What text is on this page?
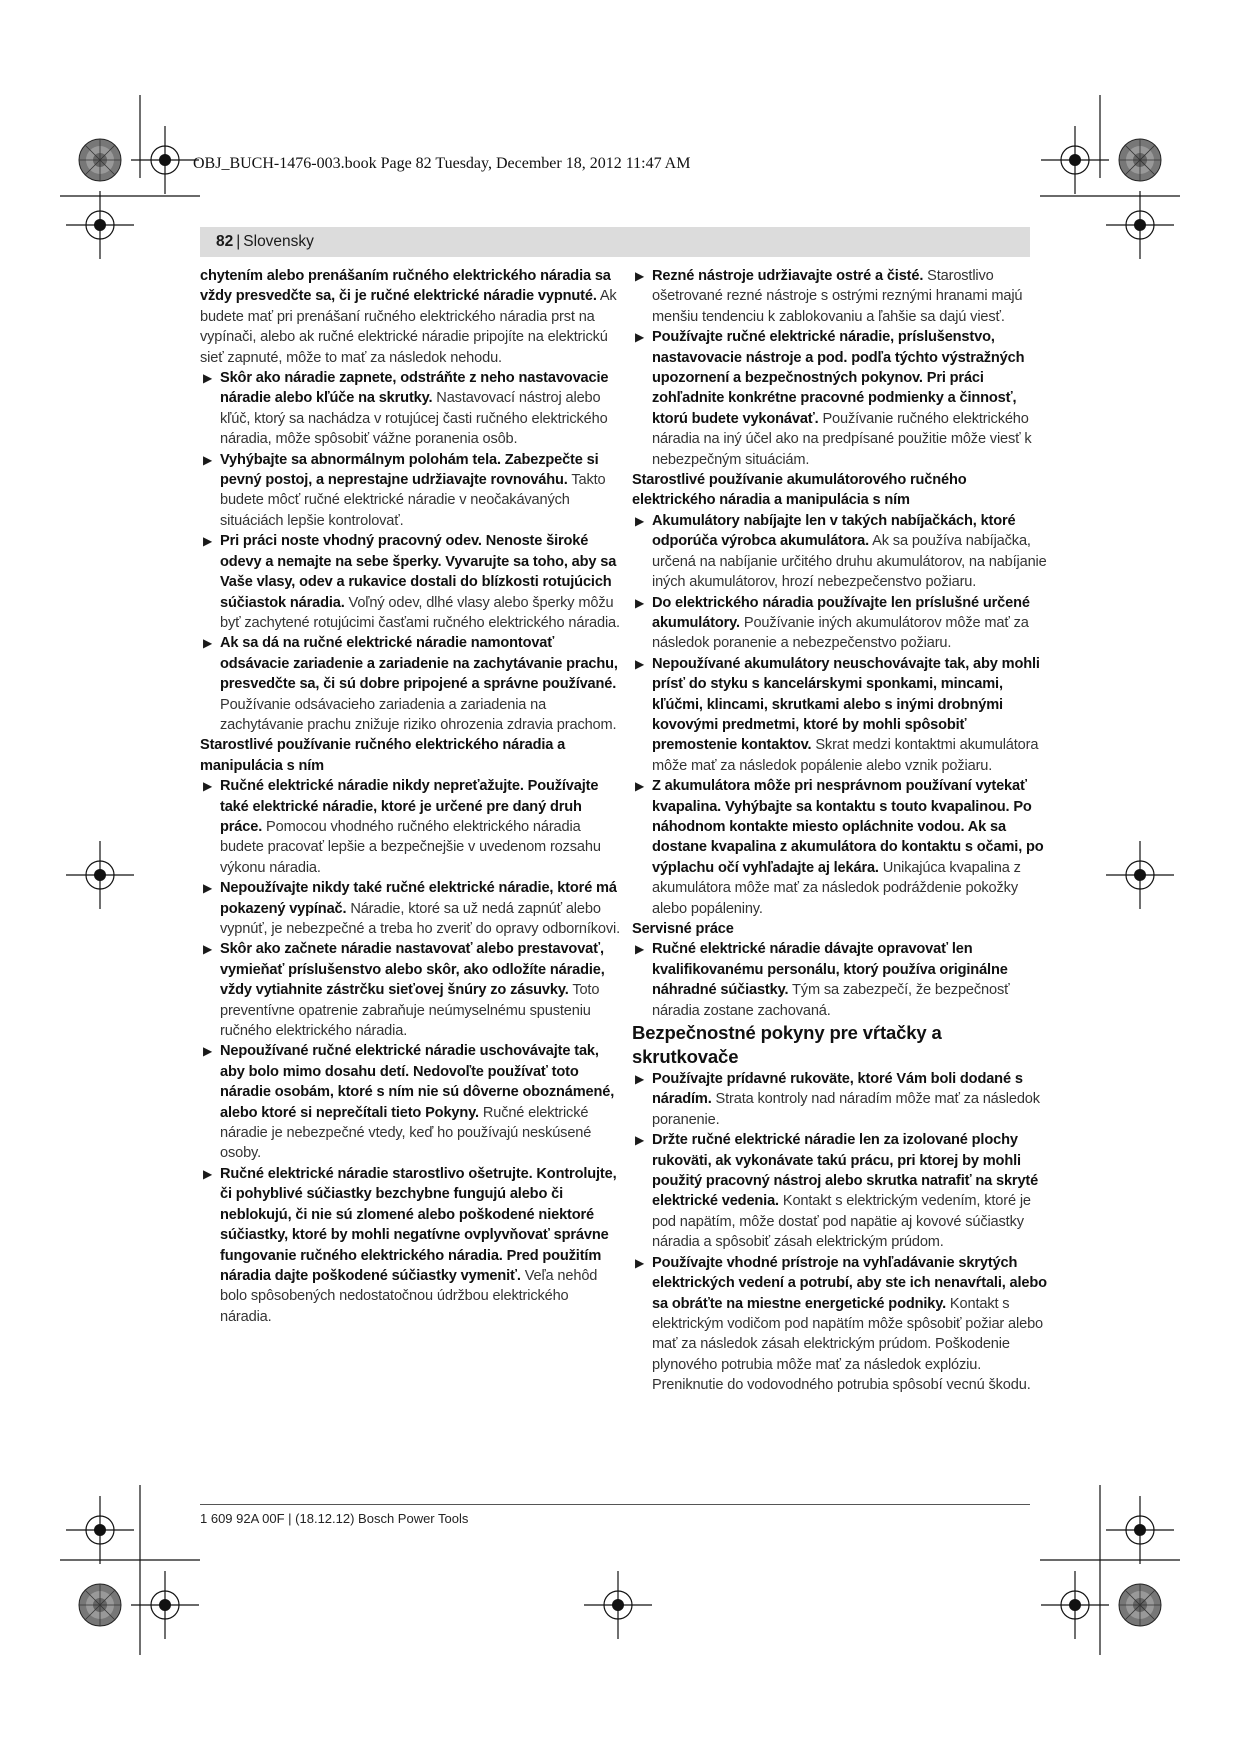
OBJ_BUCH-1476-003.book Page 82 Tuesday, December 18, 2012 11:47 AM
82 | Slovensky

chytením alebo prenášaním ručného elektrického náradia sa vždy presvedčte sa, či je ručné elektrické náradie vypnuté. Ak budete mať pri prenášaní ručného elektrického náradia prst na vypínači, alebo ak ručné elektrické náradie pripojíte na elektrickú sieť zapnuté, môže to mať za následok nehodu.

▶ Skôr ako náradie zapnete, odstráňte z neho nastavovacie náradie alebo kľúče na skrutky. Nastavovací nástroj alebo kľúč, ktorý sa nachádza v rotujúcej časti ručného elektrického náradia, môže spôsobiť vážne poranenia osôb.

▶ Vyhýbajte sa abnormálnym polohám tela. Zabezpečte si pevný postoj, a neprestajne udržiavajte rovnováhu. Takto budete môcť ručné elektrické náradie v neočakávaných situáciách lepšie kontrolovať.

▶ Pri práci noste vhodný pracovný odev. Nenoste široké odevy a nemajte na sebe šperky. Vyvarujte sa toho, aby sa Vaše vlasy, odev a rukavice dostali do blízkosti rotujúcich súčiastok náradia. Voľný odev, dlhé vlasy alebo šperky môžu byť zachytené rotujúcimi časťami ručného elektrického náradia.

▶ Ak sa dá na ručné elektrické náradie namontovať odsávacie zariadenie a zariadenie na zachytávanie prachu, presvedčte sa, či sú dobre pripojené a správne používané. Používanie odsávacieho zariadenia a zariadenia na zachytávanie prachu znižuje riziko ohrozenia zdravia prachom.

Starostlivé používanie ručného elektrického náradia a manipulácia s ním

▶ Ručné elektrické náradie nikdy nepreťažujte. Používajte také elektrické náradie, ktoré je určené pre daný druh práce. Pomocou vhodného ručného elektrického náradia budete pracovať lepšie a bezpečnejšie v uvedenom rozsahu výkonu náradia.

▶ Nepoužívajte nikdy také ručné elektrické náradie, ktoré má pokazený vypínač. Náradie, ktoré sa už nedá zapnúť alebo vypnúť, je nebezpečné a treba ho zveriť do opravy odborníkovi.

▶ Skôr ako začnete náradie nastavovať alebo prestavovať, vymieňať príslušenstvo alebo skôr, ako odložíte náradie, vždy vytiahnite zástrčku sieťovej šnúry zo zásuvky. Toto preventívne opatrenie zabraňuje neúmyselnému spusteniu ručného elektrického náradia.

▶ Nepoužívané ručné elektrické náradie uschovávajte tak, aby bolo mimo dosahu detí. Nedovoľte používať toto náradie osobám, ktoré s ním nie sú dôverne oboznámené, alebo ktoré si neprečítali tieto Pokyny. Ručné elektrické náradie je nebezpečné vtedy, keď ho používajú neskúsené osoby.

▶ Ručné elektrické náradie starostlivo ošetrujte. Kontrolujte, či pohyblivé súčiastky bezchybne fungujú alebo či neblokujú, či nie sú zlomené alebo poškodené niektoré súčiastky, ktoré by mohli negatívne ovplyvňovať správne fungovanie ručného elektrického náradia. Pred použitím náradia dajte poškodené súčiastky vymeniť. Veľa nehôd bolo spôsobených nedostatočnou údržbou elektrického náradia.

▶ Rezné nástroje udržiavajte ostré a čisté. Starostlivo ošetrované rezné nástroje s ostrými reznými hranami majú menšiu tendenciu k zablokovaniu a ľahšie sa dajú viesť.

▶ Používajte ručné elektrické náradie, príslušenstvo, nastavovacie nástroje a pod. podľa týchto výstražných upozornení a bezpečnostných pokynov. Pri práci zohľadnite konkrétne pracovné podmienky a činnosť, ktorú budete vykonávať. Používanie ručného elektrického náradia na iný účel ako na predpísané použitie môže viesť k nebezpečným situáciám.

Starostlivé používanie akumulátorového ručného elektrického náradia a manipulácia s ním

▶ Akumulátory nabíjajte len v takých nabíjačkách, ktoré odporúča výrobca akumulátora. Ak sa používa nabíjačka, určená na nabíjanie určitého druhu akumulátorov, na nabíjanie iných akumulátorov, hrozí nebezpečenstvo požiaru.

▶ Do elektrického náradia používajte len príslušné určené akumulátory. Používanie iných akumulátorov môže mať za následok poranenie a nebezpečenstvo požiaru.

▶ Nepoužívané akumulátory neuschovávajte tak, aby mohli prísť do styku s kancelárskymi sponkami, mincami, kľúčmi, klincami, skrutkami alebo s inými drobnými kovovými predmetmi, ktoré by mohli spôsobiť premostenie kontaktov. Skrat medzi kontaktmi akumulátora môže mať za následok popálenie alebo vznik požiaru.

▶ Z akumulátora môže pri nesprávnom používaní vytekať kvapalina. Vyhýbajte sa kontaktu s touto kvapalinou. Po náhodnom kontakte miesto opláchnite vodou. Ak sa dostane kvapalina z akumulátora do kontaktu s očami, po výplachu očí vyhľadajte aj lekára. Unikajúca kvapalina z akumulátora môže mať za následok podráždenie pokožky alebo popáleniny.

Servisné práce

▶ Ručné elektrické náradie dávajte opravovať len kvalifikovanému personálu, ktorý používa originálne náhradné súčiastky. Tým sa zabezpečí, že bezpečnosť náradia zostane zachovaná.

Bezpečnostné pokyny pre vŕtačky a skrutkovače

▶ Používajte prídavné rukoväte, ktoré Vám boli dodané s náradím. Strata kontroly nad náradím môže mať za následok poranenie.

▶ Držte ručné elektrické náradie len za izolované plochy rukoväti, ak vykonávate takú prácu, pri ktorej by mohli použitý pracovný nástroj alebo skrutka natrafiť na skryté elektrické vedenia. Kontakt s elektrickým vedením, ktoré je pod napätím, môže dostať pod napätie aj kovové súčiastky náradia a spôsobiť zásah elektrickým prúdom.

▶ Používajte vhodné prístroje na vyhľadávanie skrytých elektrických vedení a potrubí, aby ste ich nenavŕtali, alebo sa obráťte na miestne energetické podniky. Kontakt s elektrickým vodičom pod napätím môže spôsobiť požiar alebo mať za následok zásah elektrickým prúdom. Poškodenie plynového potrubia môže mať za následok explóziu. Preniknutie do vodovodného potrubia spôsobí vecnú škodu.

1 609 92A 00F | (18.12.12) Bosch Power Tools
